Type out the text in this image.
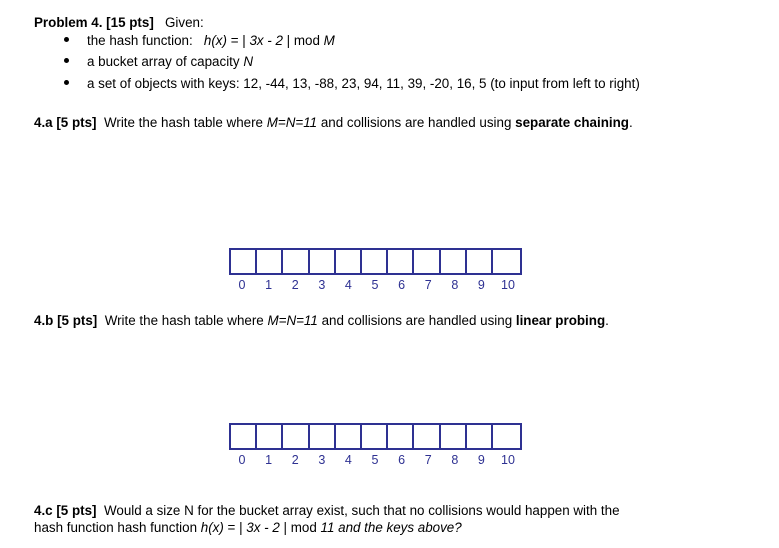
Problem 4. [15 pts] Given:
the hash function: h(x) = | 3x - 2 | mod M
a bucket array of capacity N
a set of objects with keys: 12, -44, 13, -88, 23, 94, 11, 39, -20, 16, 5 (to input from left to right)
4.a [5 pts] Write the hash table where M=N=11 and collisions are handled using separate chaining.
0	1	2	3	4	5	6	7	8	9	10
4.b [5 pts] Write the hash table where M=N=11 and collisions are handled using linear probing.
0	1	2	3	4	5	6	7	8	9	10
4.c [5 pts] Would a size N for the bucket array exist, such that no collisions would happen with the
hash function hash function h(x) = | 3x - 2 | mod 11 and the keys above?
